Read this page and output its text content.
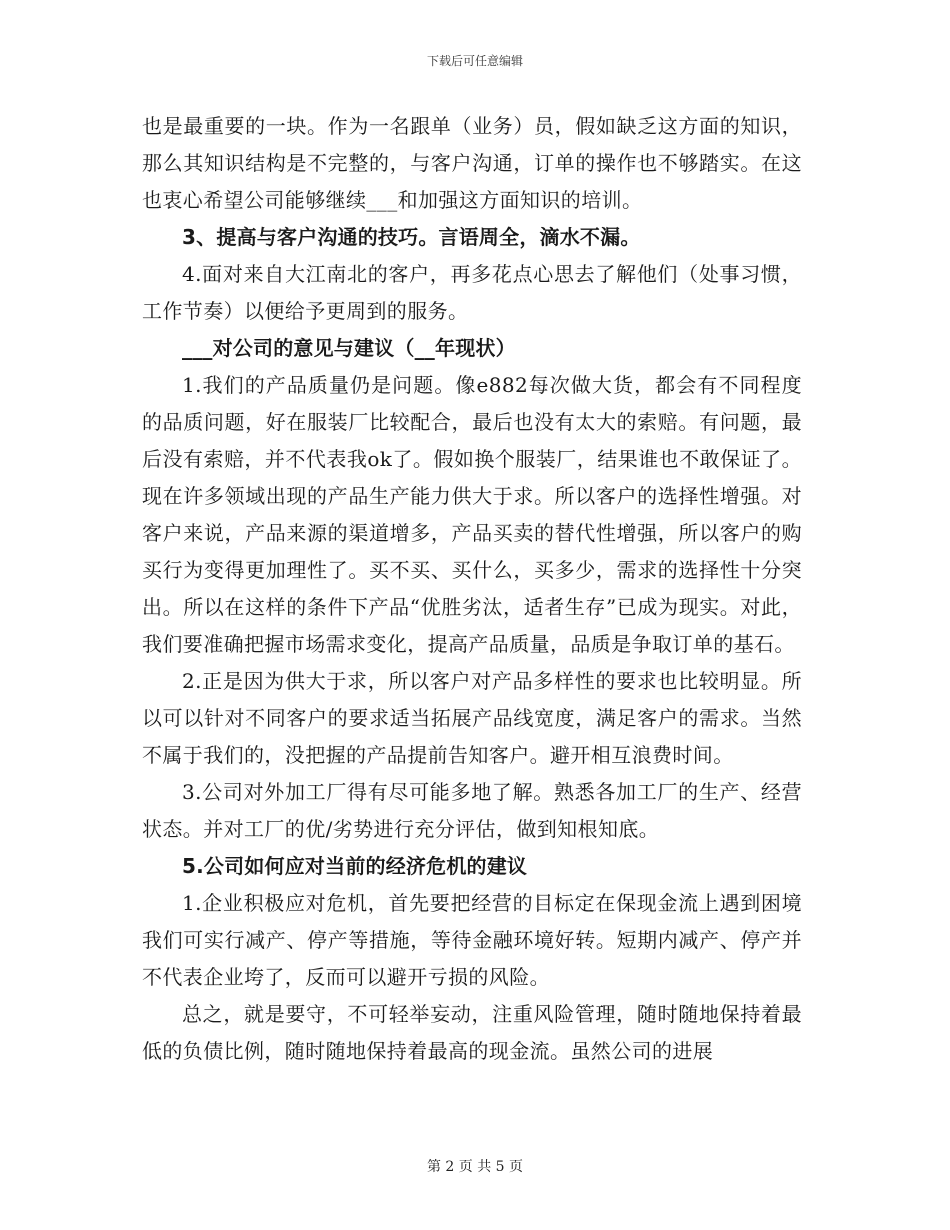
下载后可任意编辑

也是最重要的一块。作为一名跟单（业务）员，假如缺乏这方面的知识，那么其知识结构是不完整的，与客户沟通，订单的操作也不够踏实。在这也衷心希望公司能够继续___和加强这方面知识的培训。

3、提高与客户沟通的技巧。言语周全，滴水不漏。

4.面对来自大江南北的客户，再多花点心思去了解他们（处事习惯，工作节奏）以便给予更周到的服务。

___对公司的意见与建议（__年现状）

1.我们的产品质量仍是问题。像e882每次做大货，都会有不同程度的品质问题，好在服装厂比较配合，最后也没有太大的索赔。有问题，最后没有索赔，并不代表我ok了。假如换个服装厂，结果谁也不敢保证了。现在许多领域出现的产品生产能力供大于求。所以客户的选择性增强。对客户来说，产品来源的渠道增多，产品买卖的替代性增强，所以客户的购买行为变得更加理性了。买不买、买什么，买多少，需求的选择性十分突出。所以在这样的条件下产品“优胜劣汰，适者生存”已成为现实。对此，我们要准确把握市场需求变化，提高产品质量，品质是争取订单的基石。

2.正是因为供大于求，所以客户对产品多样性的要求也比较明显。所以可以针对不同客户的要求适当拓展产品线宽度，满足客户的需求。当然不属于我们的，没把握的产品提前告知客户。避开相互浪费时间。

3.公司对外加工厂得有尽可能多地了解。熟悉各加工厂的生产、经营状态。并对工厂的优/劣势进行充分评估，做到知根知底。

5.公司如何应对当前的经济危机的建议

1.企业积极应对危机，首先要把经营的目标定在保现金流上遇到困境我们可实行减产、停产等措施，等待金融环境好转。短期内减产、停产并不代表企业垮了，反而可以避开亏损的风险。

总之，就是要守，不可轻举妄动，注重风险管理，随时随地保持着最低的负债比例，随时随地保持着最高的现金流。虽然公司的进展

第 2 页 共 5 页
